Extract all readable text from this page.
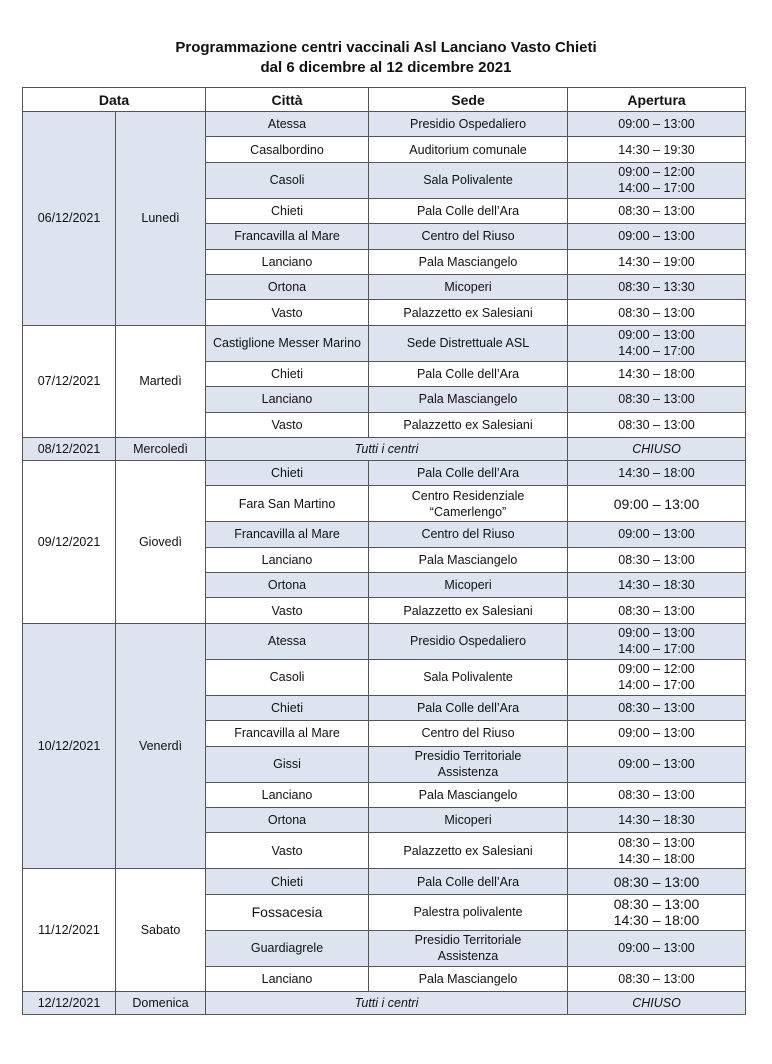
Programmazione centri vaccinali Asl Lanciano Vasto Chieti
dal 6 dicembre al 12 dicembre 2021
Data		Città	Sede	Apertura
06/12/2021	Lunedì	Atessa	Presidio Ospedaliero	09:00 – 13:00

		Casalbordino	Auditorium comunale	14:30 – 19:30

		Casoli	Sala Polivalente	09:00 – 12:00
14:00 – 17:00

		Chieti	Pala Colle dell’Ara	08:30 – 13:00

		Francavilla al Mare	Centro del Riuso	09:00 – 13:00

		Lanciano	Pala Masciangelo	14:30 – 19:00

		Ortona	Micoperi	08:30 – 13:30

		Vasto	Palazzetto ex Salesiani	08:30 – 13:00

07/12/2021	Martedì	Castiglione Messer Marino	Sede Distrettuale ASL	09:00 – 13:00
14:00 – 17:00

		Chieti	Pala Colle dell’Ara	14:30 – 18:00

		Lanciano	Pala Masciangelo	08:30 – 13:00

		Vasto	Palazzetto ex Salesiani	08:30 – 13:00

08/12/2021	Mercoledì	Tutti i centri		CHIUSO
09/12/2021	Giovedì	Chieti	Pala Colle dell’Ara	14:30 – 18:00

		Fara San Martino	Centro Residenziale
“Camerlengo”	09:00 – 13:00

		Francavilla al Mare	Centro del Riuso	09:00 – 13:00

		Lanciano	Pala Masciangelo	08:30 – 13:00

		Ortona	Micoperi	14:30 – 18:30

		Vasto	Palazzetto ex Salesiani	08:30 – 13:00

10/12/2021	Venerdì	Atessa	Presidio Ospedaliero	09:00 – 13:00
14:00 – 17:00

		Casoli	Sala Polivalente	09:00 – 12:00
14:00 – 17:00

		Chieti	Pala Colle dell’Ara	08:30 – 13:00

		Francavilla al Mare	Centro del Riuso	09:00 – 13:00

		Gissi	Presidio Territoriale
Assistenza	09:00 – 13:00

		Lanciano	Pala Masciangelo	08:30 – 13:00

		Ortona	Micoperi	14:30 – 18:30

		Vasto	Palazzetto ex Salesiani	08:30 – 13:00
14:30 – 18:00

11/12/2021	Sabato	Chieti	Pala Colle dell’Ara	08:30 – 13:00

		Fossacesia	Palestra polivalente	08:30 – 13:00
14:30 – 18:00

		Guardiagrele	Presidio Territoriale
Assistenza	09:00 – 13:00

		Lanciano	Pala Masciangelo	08:30 – 13:00

12/12/2021	Domenica	Tutti i centri		CHIUSO
